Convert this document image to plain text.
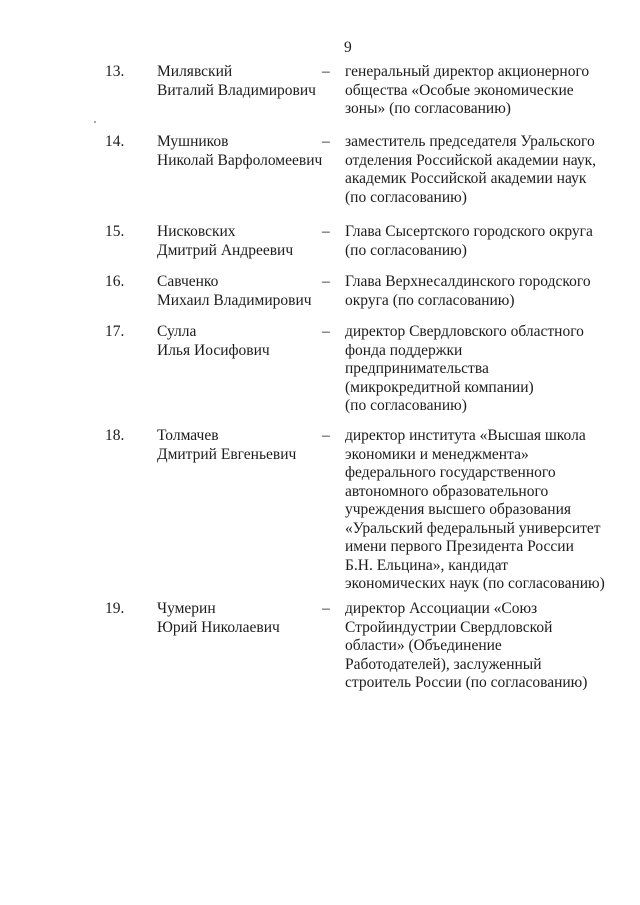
9
13.	Милявский
Виталий Владимирович
– генеральный директор акционерного
общества «Особые экономические
зоны» (по согласованию)
14.	Мушников
Николай Варфоломеевич
– заместитель председателя Уральского
отделения Российской академии наук,
академик Российской академии наук
(по согласованию)
15.	Нисковских
Дмитрий Андреевич
– Глава Сысертского городского округа
(по согласованию)
16.	Савченко
Михаил Владимирович
– Глава Верхнесалдинского городского
округа (по согласованию)
17.	Сулла
Илья Иосифович
– директор Свердловского областного
фонда поддержки
предпринимательства
(микрокредитной компании)
(по согласованию)
18.	Толмачев
Дмитрий Евгеньевич
– директор института «Высшая школа
экономики и менеджмента»
федерального государственного
автономного образовательного
учреждения высшего образования
«Уральский федеральный университет
имени первого Президента России
Б.Н. Ельцина», кандидат
экономических наук (по согласованию)
19.	Чумерин
Юрий Николаевич
– директор Ассоциации «Союз
Стройиндустрии Свердловской
области» (Объединение
Работодателей), заслуженный
строитель России (по согласованию)
